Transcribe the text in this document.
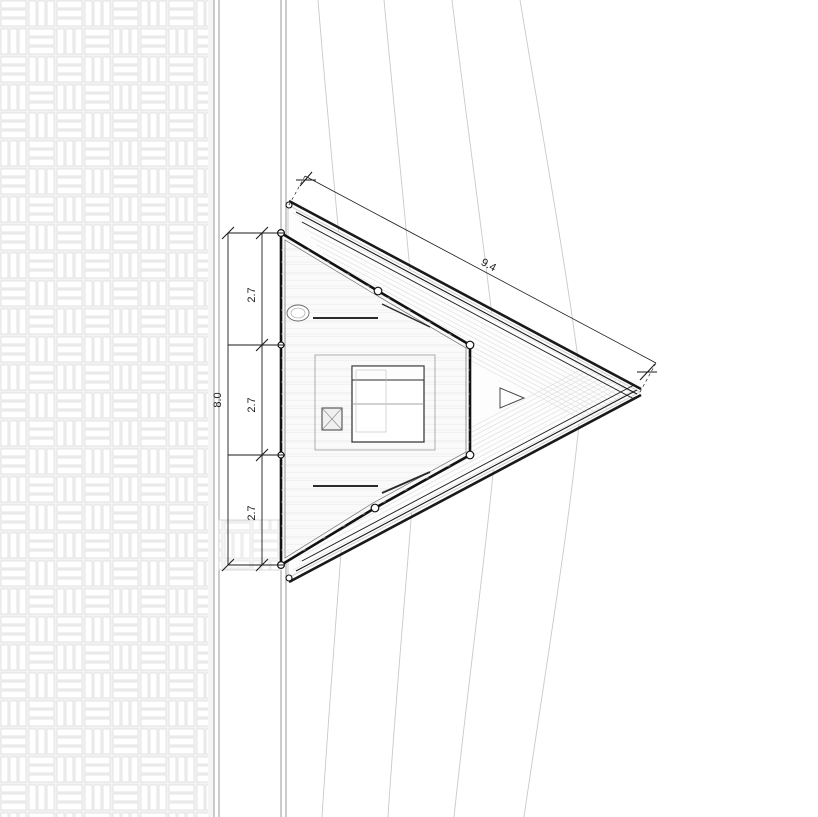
2.7
2.7
2.7
8.0
9.4
